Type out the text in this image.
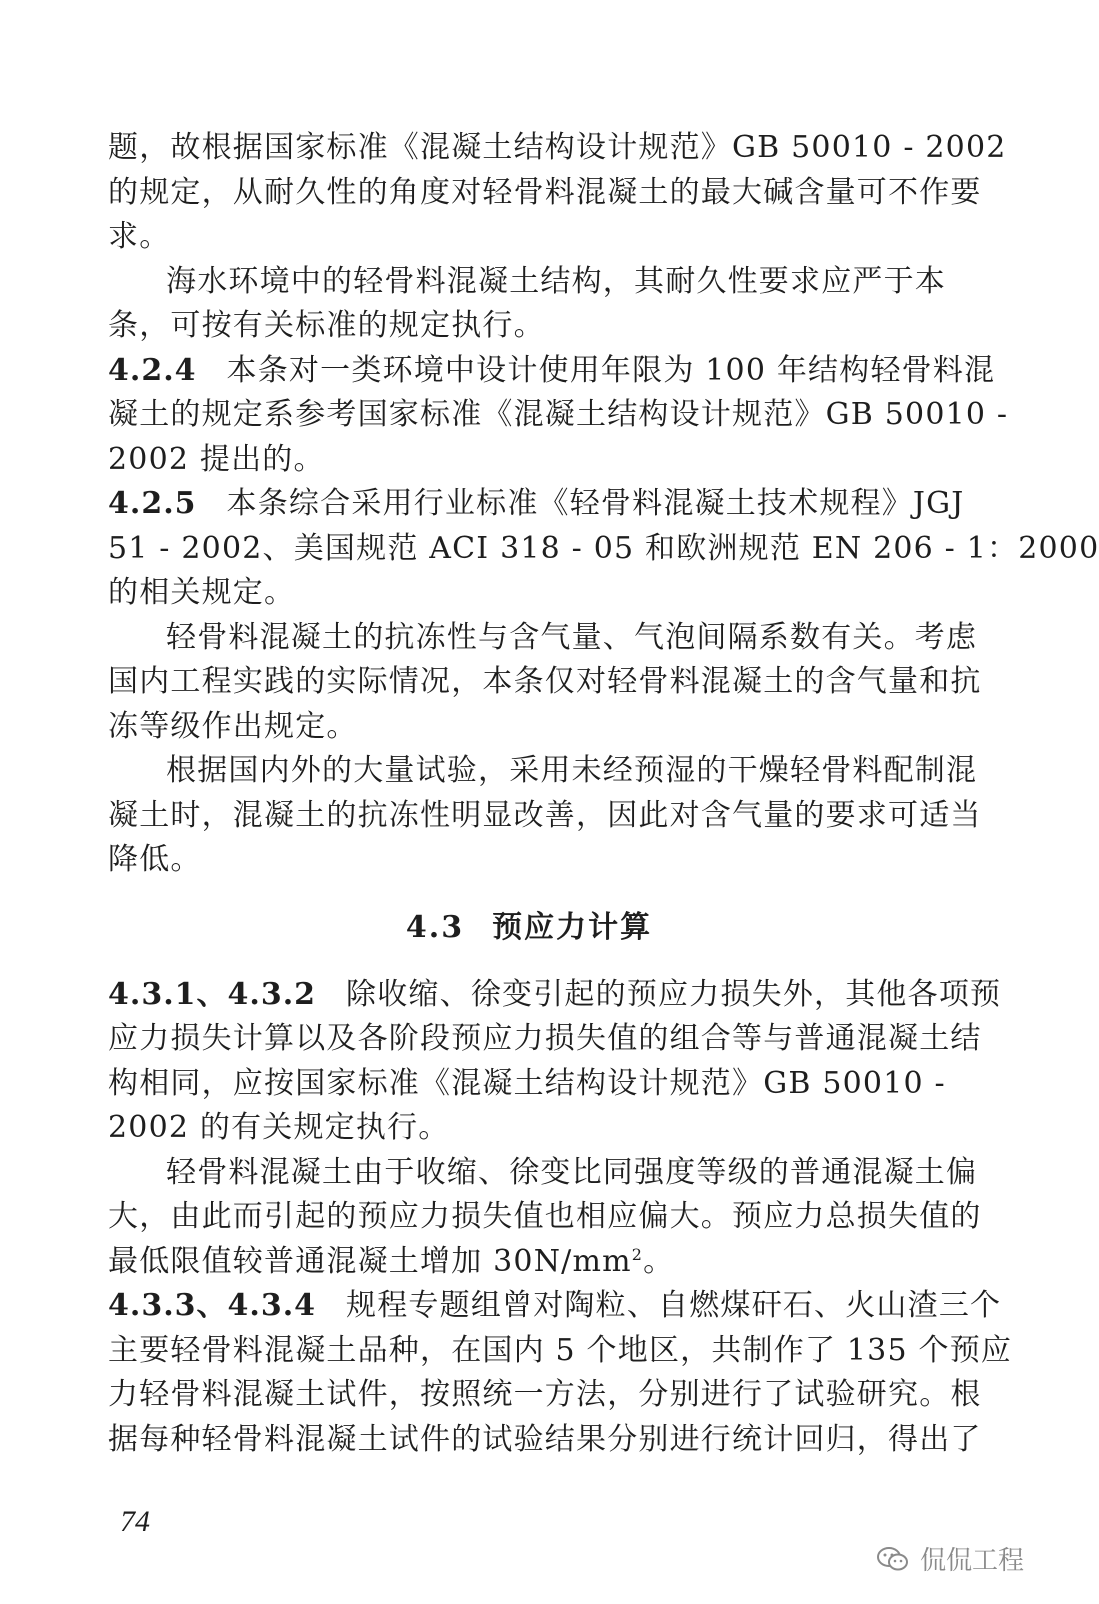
题，故根据国家标准《混凝土结构设计规范》GB 50010 - 2002
的规定，从耐久性的角度对轻骨料混凝土的最大碱含量可不作要
求。
海水环境中的轻骨料混凝土结构，其耐久性要求应严于本
条，可按有关标准的规定执行。
4.2.4 本条对一类环境中设计使用年限为 100 年结构轻骨料混
凝土的规定系参考国家标准《混凝土结构设计规范》GB 50010 -
2002 提出的。
4.2.5 本条综合采用行业标准《轻骨料混凝土技术规程》JGJ
51 - 2002、美国规范 ACI 318 - 05 和欧洲规范 EN 206 - 1：2000
的相关规定。
轻骨料混凝土的抗冻性与含气量、气泡间隔系数有关。考虑
国内工程实践的实际情况，本条仅对轻骨料混凝土的含气量和抗
冻等级作出规定。
根据国内外的大量试验，采用未经预湿的干燥轻骨料配制混
凝土时，混凝土的抗冻性明显改善，因此对含气量的要求可适当
降低。
4.3 预应力计算
4.3.1、4.3.2 除收缩、徐变引起的预应力损失外，其他各项预
应力损失计算以及各阶段预应力损失值的组合等与普通混凝土结
构相同，应按国家标准《混凝土结构设计规范》GB 50010 -
2002 的有关规定执行。
轻骨料混凝土由于收缩、徐变比同强度等级的普通混凝土偏
大，由此而引起的预应力损失值也相应偏大。预应力总损失值的
最低限值较普通混凝土增加 $30N/mm^2$。
4.3.3、4.3.4 规程专题组曾对陶粒、自燃煤矸石、火山渣三个
主要轻骨料混凝土品种，在国内 5 个地区，共制作了 135 个预应
力轻骨料混凝土试件，按照统一方法，分别进行了试验研究。根
据每种轻骨料混凝土试件的试验结果分别进行统计回归，得出了
74
侃侃工程
